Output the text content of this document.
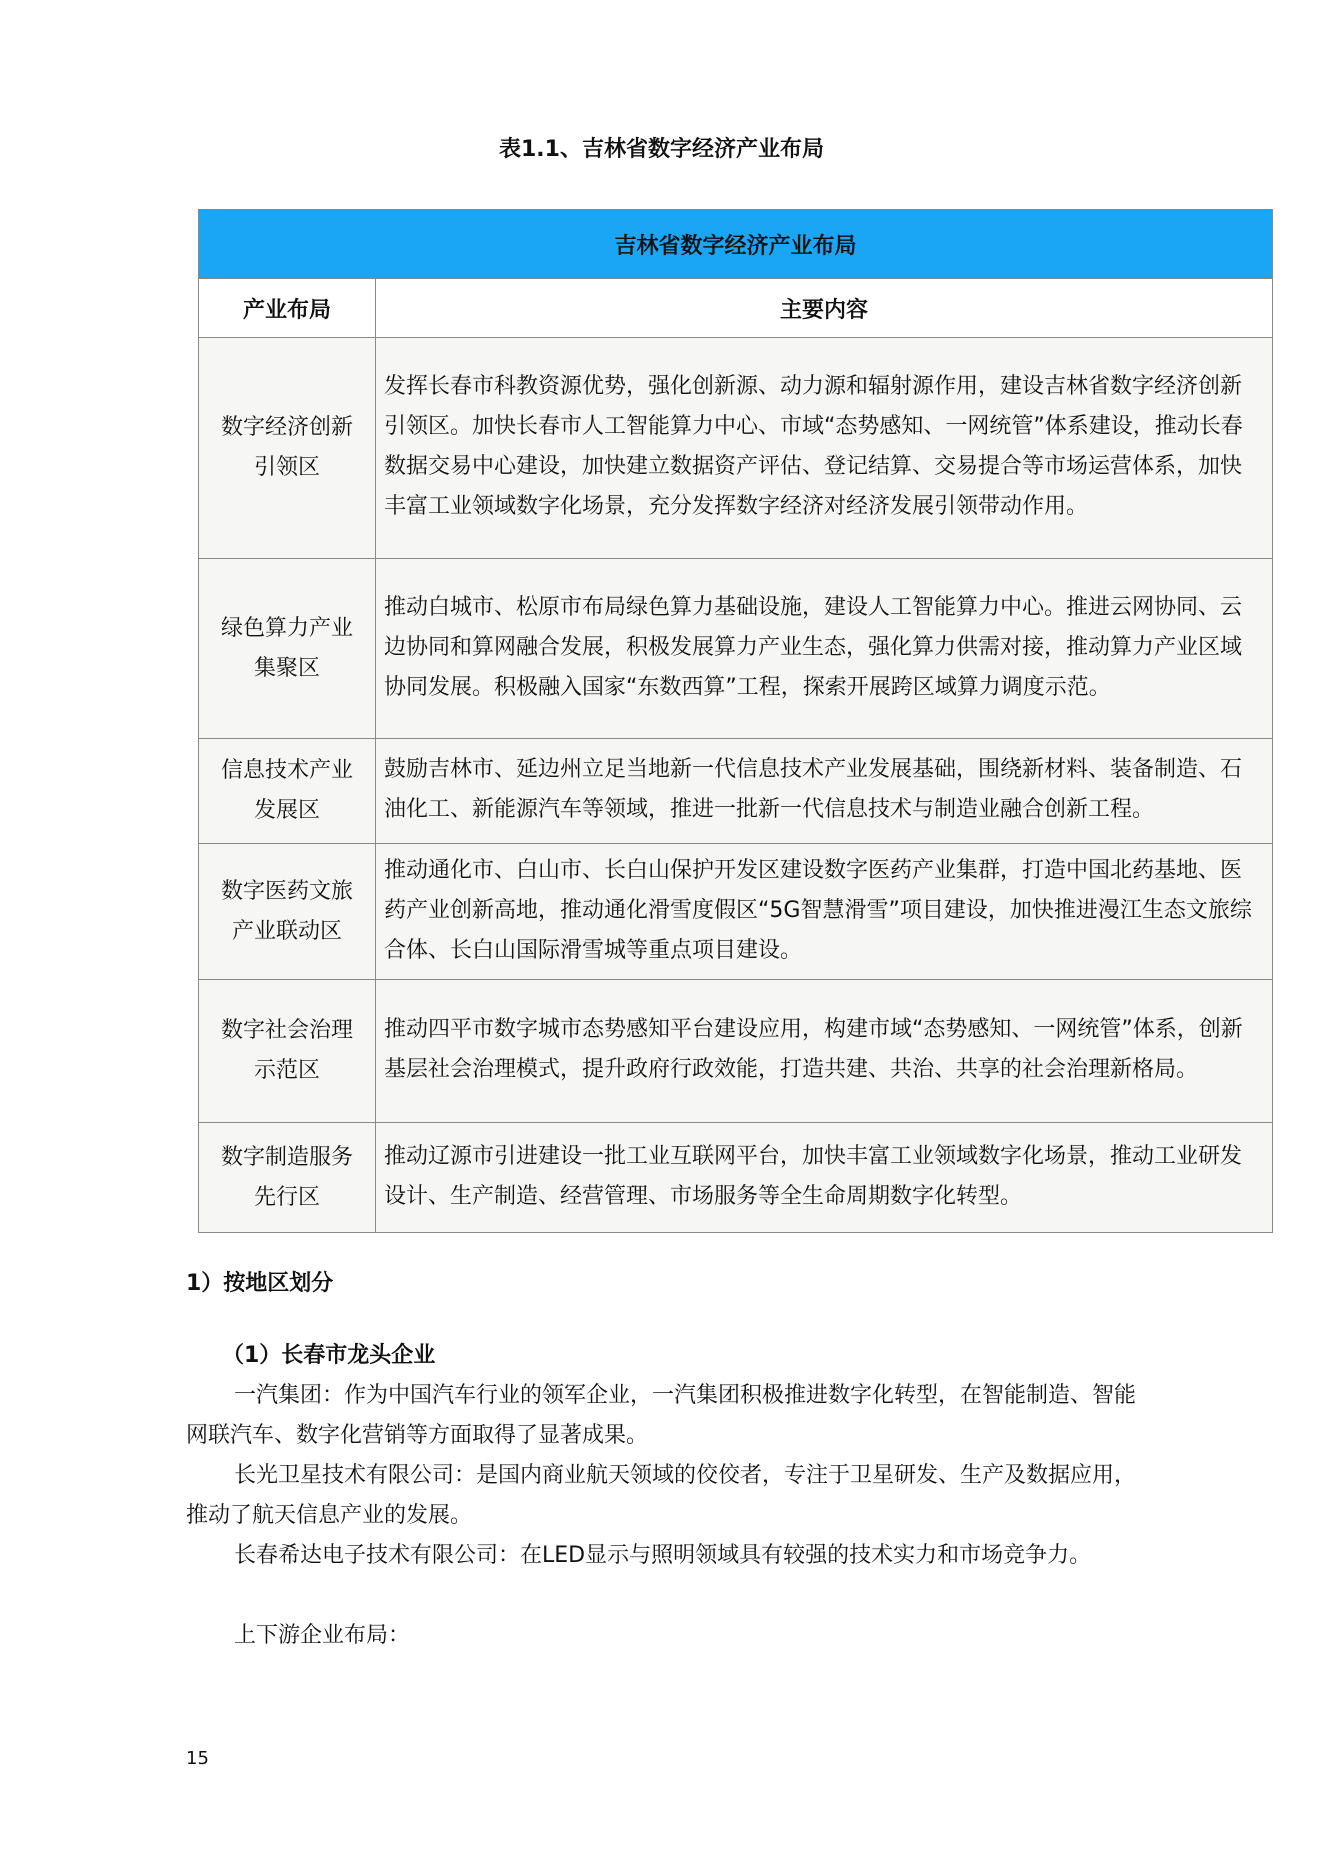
表1.1、吉林省数字经济产业布局
吉林省数字经济产业布局	
产业布局	主要内容
数字经济创新引领区	发挥长春市科教资源优势，强化创新源、动力源和辐射源作用，建设吉林省数字经济创新引领区。加快长春市人工智能算力中心、市域“态势感知、一网统管”体系建设，推动长春数据交易中心建设，加快建立数据资产评估、登记结算、交易提合等市场运营体系，加快丰富工业领域数字化场景，充分发挥数字经济对经济发展引领带动作用。
绿色算力产业集聚区	推动白城市、松原市布局绿色算力基础设施，建设人工智能算力中心。推进云网协同、云边协同和算网融合发展，积极发展算力产业生态，强化算力供需对接，推动算力产业区域协同发展。积极融入国家“东数西算”工程，探索开展跨区域算力调度示范。
信息技术产业发展区	鼓励吉林市、延边州立足当地新一代信息技术产业发展基础，围绕新材料、装备制造、石油化工、新能源汽车等领域，推进一批新一代信息技术与制造业融合创新工程。
数字医药文旅产业联动区	推动通化市、白山市、长白山保护开发区建设数字医药产业集群，打造中国北药基地、医药产业创新高地，推动通化滑雪度假区“5G智慧滑雪”项目建设，加快推进漫江生态文旅综合体、长白山国际滑雪城等重点项目建设。
数字社会治理示范区	推动四平市数字城市态势感知平台建设应用，构建市域“态势感知、一网统管”体系，创新基层社会治理模式，提升政府行政效能，打造共建、共治、共享的社会治理新格局。
数字制造服务先行区	推动辽源市引进建设一批工业互联网平台，加快丰富工业领域数字化场景，推动工业研发设计、生产制造、经营管理、市场服务等全生命周期数字化转型。
1）按地区划分
（1）长春市龙头企业

一汽集团：作为中国汽车行业的领军企业，一汽集团积极推进数字化转型，在智能制造、智能网联汽车、数字化营销等方面取得了显著成果。

长光卫星技术有限公司：是国内商业航天领域的佼佼者，专注于卫星研发、生产及数据应用，推动了航天信息产业的发展。

长春希达电子技术有限公司：在LED显示与照明领域具有较强的技术实力和市场竞争力。

上下游企业布局：

15
